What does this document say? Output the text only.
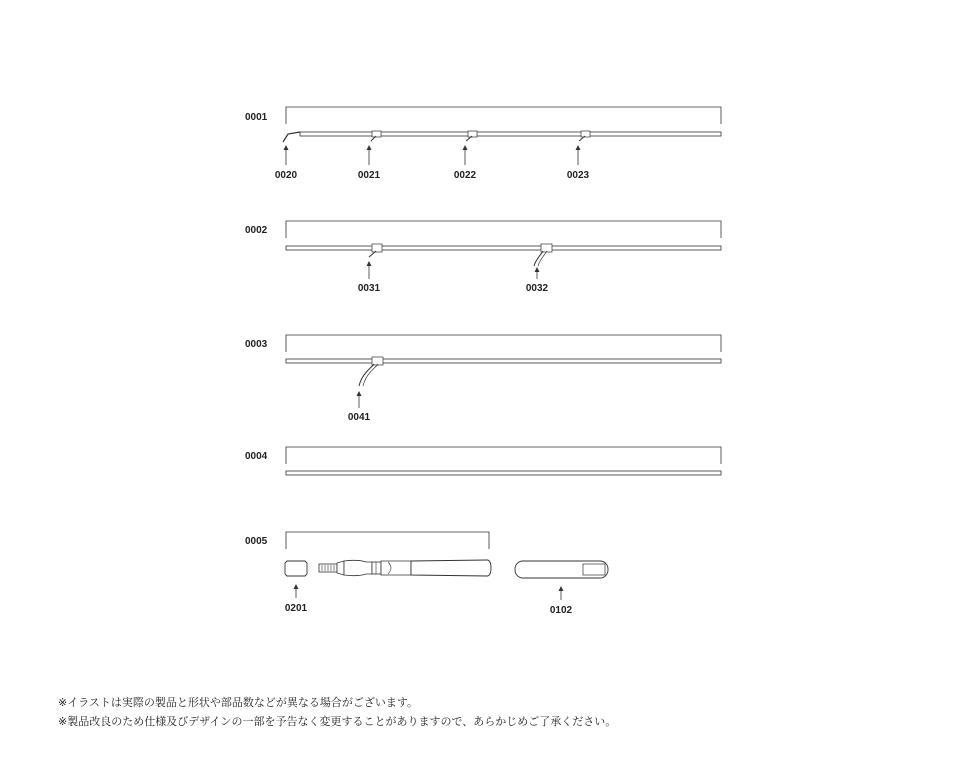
0001
0020	0021	0022	0023
0002
0031	0032
0003
0041
0004
0005
0201	0102
※イラストは実際の製品と形状や部品数などが異なる場合がございます。
※製品改良のため仕様及びデザインの一部を予告なく変更することがありますので、あらかじめご了承ください。
